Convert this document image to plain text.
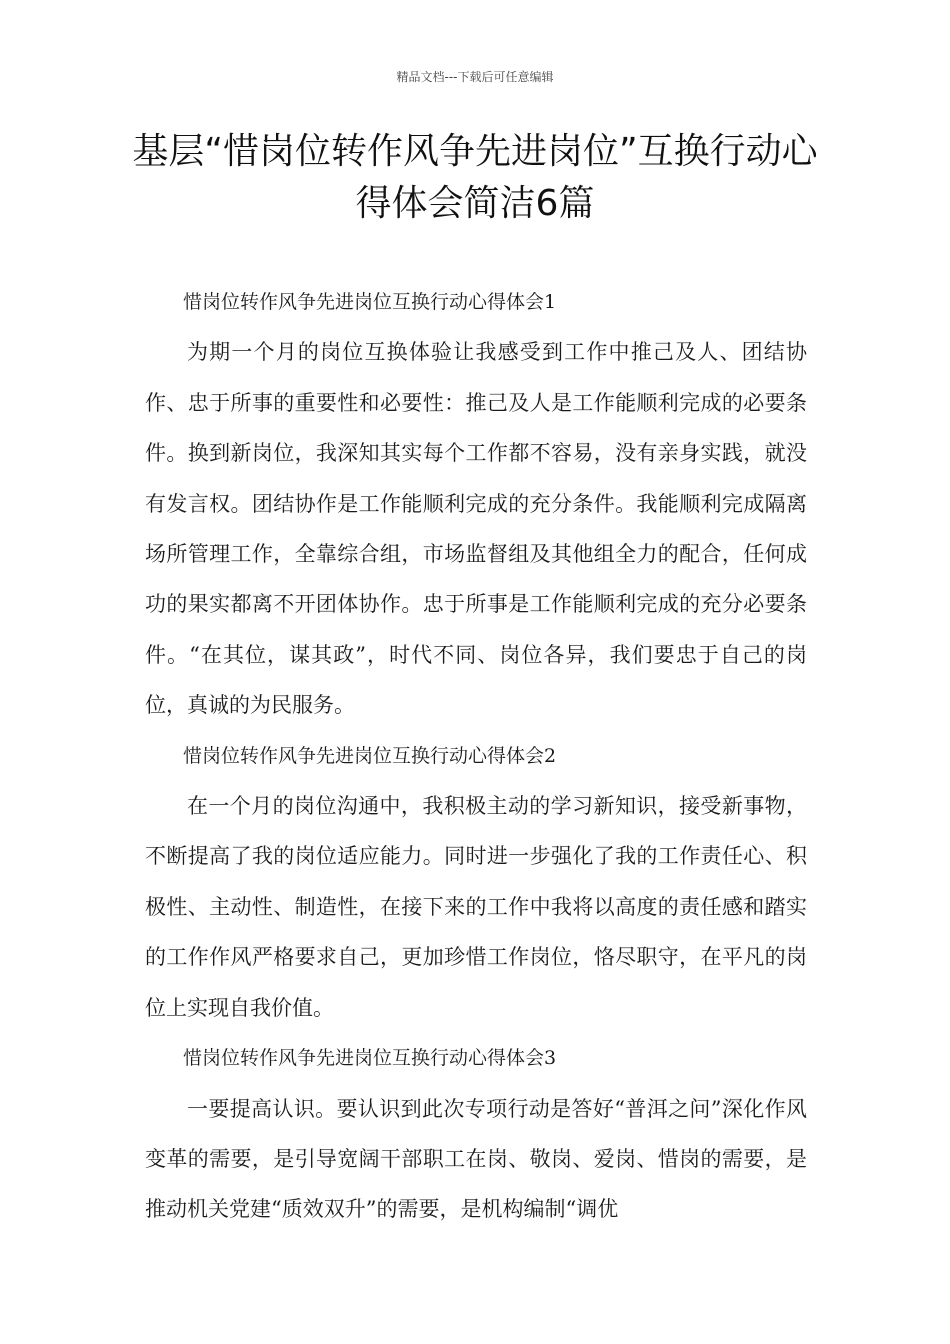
精品文档---下载后可任意编辑
基层“惜岗位转作风争先进岗位”互换行动心得体会简洁6篇

惜岗位转作风争先进岗位互换行动心得体会1

为期一个月的岗位互换体验让我感受到工作中推己及人、团结协作、忠于所事的重要性和必要性：推己及人是工作能顺利完成的必要条件。换到新岗位，我深知其实每个工作都不容易，没有亲身实践，就没有发言权。团结协作是工作能顺利完成的充分条件。我能顺利完成隔离场所管理工作，全靠综合组，市场监督组及其他组全力的配合，任何成功的果实都离不开团体协作。忠于所事是工作能顺利完成的充分必要条件。“在其位，谋其政”，时代不同、岗位各异，我们要忠于自己的岗位，真诚的为民服务。

惜岗位转作风争先进岗位互换行动心得体会2

在一个月的岗位沟通中，我积极主动的学习新知识，接受新事物，不断提高了我的岗位适应能力。同时进一步强化了我的工作责任心、积极性、主动性、制造性，在接下来的工作中我将以高度的责任感和踏实的工作作风严格要求自己，更加珍惜工作岗位，恪尽职守，在平凡的岗位上实现自我价值。

惜岗位转作风争先进岗位互换行动心得体会3

一要提高认识。要认识到此次专项行动是答好“普洱之问”深化作风变革的需要，是引导宽阔干部职工在岗、敬岗、爱岗、惜岗的需要，是推动机关党建“质效双升”的需要，是机构编制“调优
